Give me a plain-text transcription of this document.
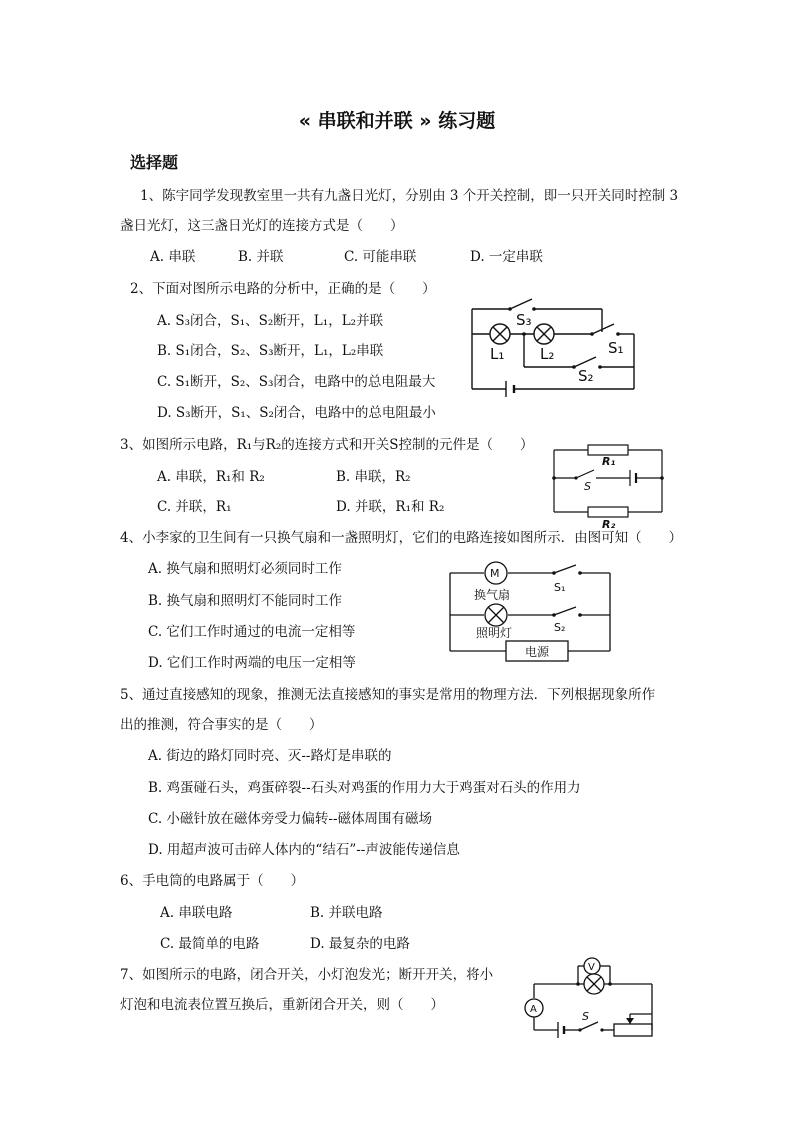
« 串联和并联 » 练习题
选择题
1、陈宇同学发现教室里一共有九盏日光灯，分别由 3 个开关控制，即一只开关同时控制 3
盏日光灯，这三盏日光灯的连接方式是（　　）
A. 串联	B. 并联	C. 可能串联	D. 一定串联
2、下面对图所示电路的分析中，正确的是（　　）
A. S₃闭合，S₁、S₂断开，L₁，L₂并联
B. S₁闭合，S₂、S₃断开，L₁，L₂串联
C. S₁断开，S₂、S₃闭合，电路中的总电阻最大
D. S₃断开，S₁、S₂闭合，电路中的总电阻最小
S₃
L₁ L₂	S₁
S₂
3、如图所示电路，R₁与R₂的连接方式和开关S控制的元件是（　　）
A. 串联，R₁和 R₂	B. 串联，R₂
C. 并联，R₁	D. 并联，R₁和 R₂
R₁
S
R₂
4、小李家的卫生间有一只换气扇和一盏照明灯，它们的电路连接如图所示．由图可知（　　）
A. 换气扇和照明灯必须同时工作
B. 换气扇和照明灯不能同时工作
C. 它们工作时通过的电流一定相等
D. 它们工作时两端的电压一定相等
M
换气扇
S₁
照明灯	S₂
电源
5、通过直接感知的现象，推测无法直接感知的事实是常用的物理方法．下列根据现象所作
出的推测，符合事实的是（　　）
A. 街边的路灯同时亮、灭--路灯是串联的
B. 鸡蛋碰石头，鸡蛋碎裂--石头对鸡蛋的作用力大于鸡蛋对石头的作用力
C. 小磁针放在磁体旁受力偏转--磁体周围有磁场
D. 用超声波可击碎人体内的“结石”--声波能传递信息
6、手电筒的电路属于（　　）
A. 串联电路	B. 并联电路
C. 最简单的电路	D. 最复杂的电路
7、如图所示的电路，闭合开关，小灯泡发光；断开开关，将小
灯泡和电流表位置互换后，重新闭合开关，则（　　）
V
A
S
